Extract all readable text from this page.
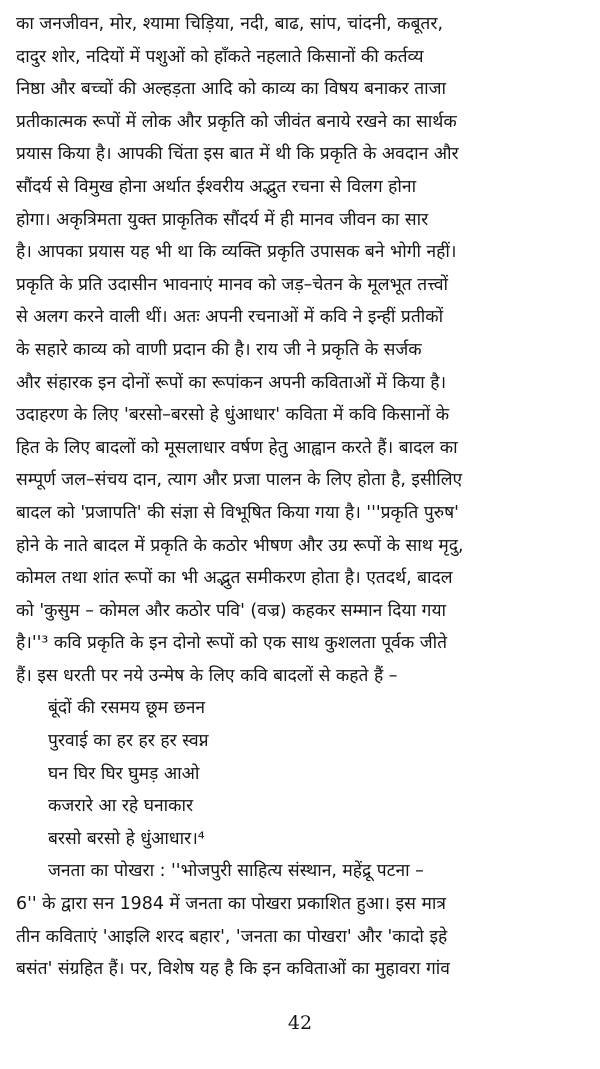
का जनजीवन, मोर, श्यामा चिड़िया, नदी, बाढ, सांप, चांदनी, कबूतर,
दादुर शोर, नदियों में पशुओं को हाँकते नहलाते किसानों की कर्तव्य
निष्ठा और बच्चों की अल्हड़ता आदि को काव्य का विषय बनाकर ताजा
प्रतीकात्मक रूपों में लोक और प्रकृति को जीवंत बनाये रखने का सार्थक
प्रयास किया है। आपकी चिंता इस बात में थी कि प्रकृति के अवदान और
सौंदर्य से विमुख होना अर्थात ईश्वरीय अद्भुत रचना से विलग होना
होगा। अकृत्रिमता युक्त प्राकृतिक सौंदर्य में ही मानव जीवन का सार
है। आपका प्रयास यह भी था कि व्यक्ति प्रकृति उपासक बने भोगी नहीं।
प्रकृति के प्रति उदासीन भावनाएं मानव को जड़–चेतन के मूलभूत तत्त्वों
से अलग करने वाली थीं। अतः अपनी रचनाओं में कवि ने इन्हीं प्रतीकों
के सहारे काव्य को वाणी प्रदान की है। राय जी ने प्रकृति के सर्जक
और संहारक इन दोनों रूपों का रूपांकन अपनी कविताओं में किया है।
उदाहरण के लिए 'बरसो–बरसो हे धुंआधार' कविता में कवि किसानों के
हित के लिए बादलों को मूसलाधार वर्षण हेतु आह्वान करते हैं। बादल का
सम्पूर्ण जल–संचय दान, त्याग और प्रजा पालन के लिए होता है, इसीलिए
बादल को 'प्रजापति' की संज्ञा से विभूषित किया गया है। '''प्रकृति पुरुष'
होने के नाते बादल में प्रकृति के कठोर भीषण और उग्र रूपों के साथ मृदु,
कोमल तथा शांत रूपों का भी अद्भुत समीकरण होता है। एतदर्थ, बादल
को 'कुसुम – कोमल और कठोर पवि' (वज्र) कहकर सम्मान दिया गया
है।''³ कवि प्रकृति के इन दोनो रूपों को एक साथ कुशलता पूर्वक जीते
हैं। इस धरती पर नये उन्मेष के लिए कवि बादलों से कहते हैं –
बूंदों की रसमय छूम छनन
पुरवाई का हर हर हर स्वप्न
घन घिर घिर घुमड़ आओ
कजरारे आ रहे घनाकार
बरसो बरसो हे धुंआधार।⁴
जनता का पोखरा : ''भोजपुरी साहित्य संस्थान, महेंद्रू पटना –
6'' के द्वारा सन 1984 में जनता का पोखरा प्रकाशित हुआ। इस मात्र
तीन कविताएं 'आइलि शरद बहार', 'जनता का पोखरा' और 'कादो इहे
बसंत' संग्रहित हैं। पर, विशेष यह है कि इन कविताओं का मुहावरा गांव
42
